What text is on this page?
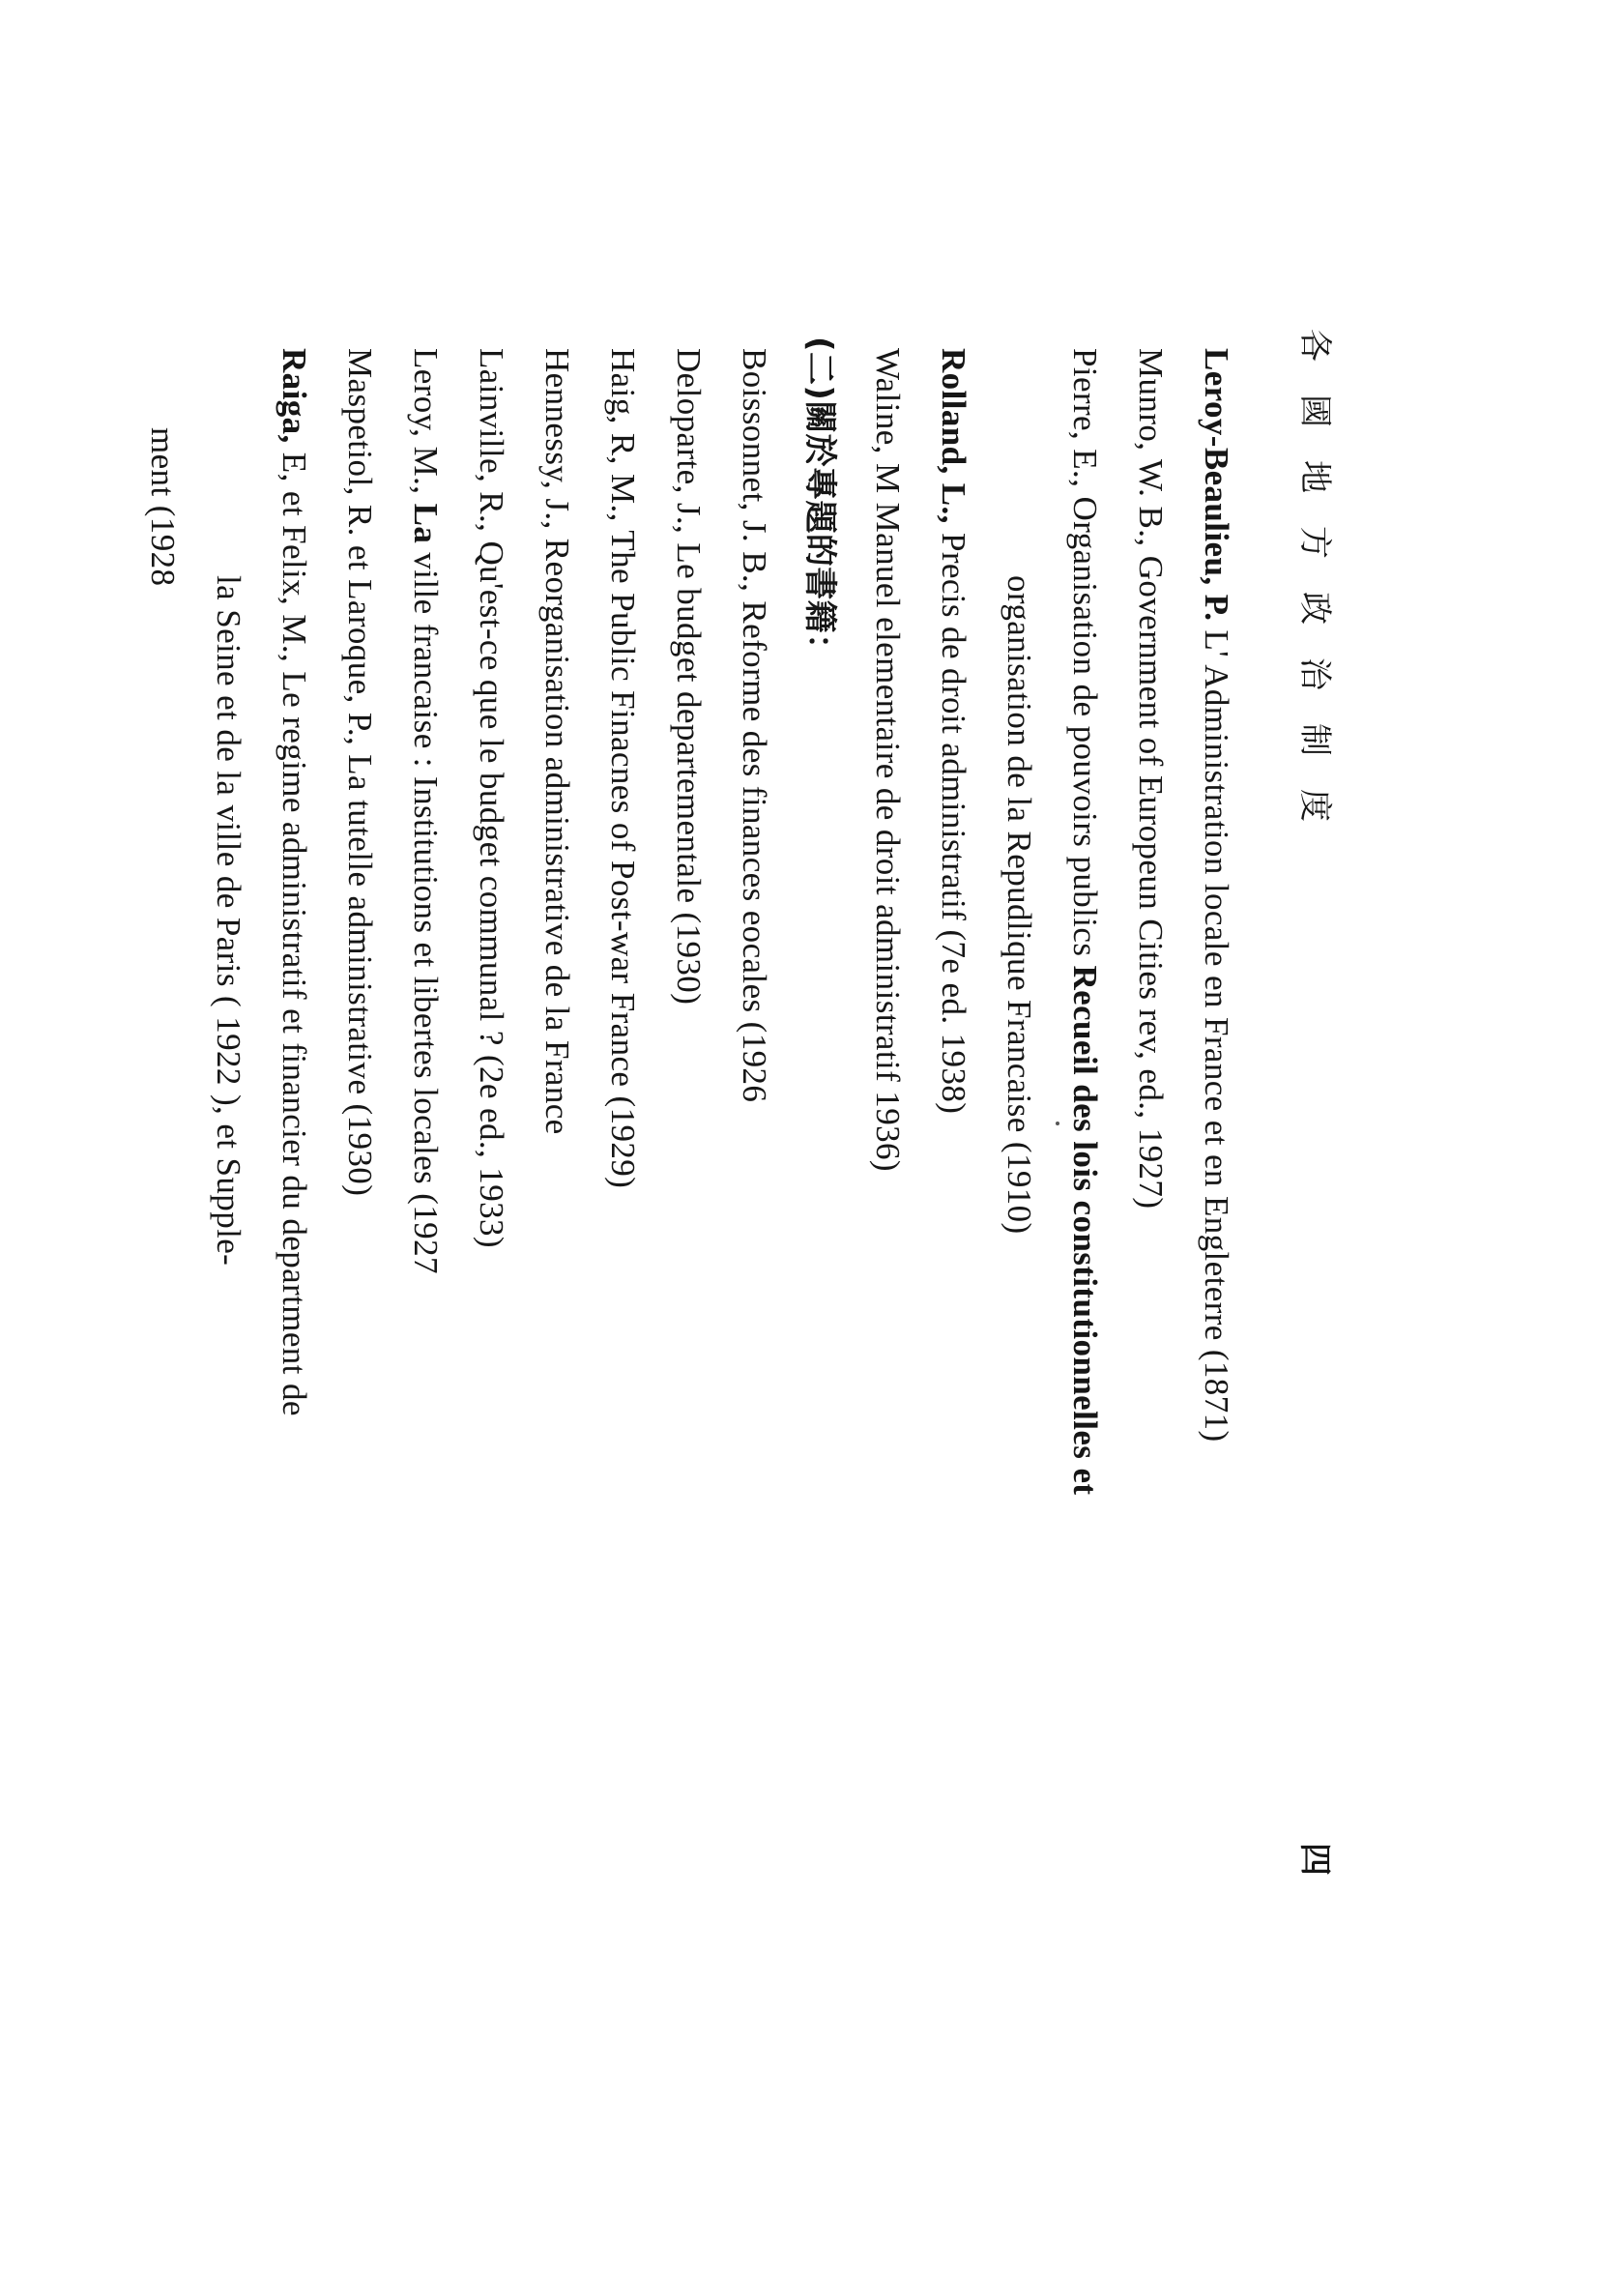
各國地方政治制度
四
Leroy-Beaulieu, P. L' Administration locale en France et en Engleterre (1871)
Munro, W. B., Government of Europeun Cities rev, ed., 1927)
Pierre, E., Organisation de pouvoirs publics Recueil des lois constitutionnelles et
organisation de la Repudlique Francaise (1910)
Rolland, L., Precis de droit administratif (7e ed. 1938)
Waline, M Manuel elementaire de droit administratif 1936)
(二)關於專題的書籍：
Boissonnet, J. B., Reforme des finances eocales (1926
Deloparte, J., Le budget departementale (1930)
Haig, R, M., The Public Finacnes of Post-war France (1929)
Hennessy, J., Reorganisation administrative de la France
Lainville, R., Qu'est-ce que le budget communal ? (2e ed., 1933)
Leroy, M., La ville francaise : Institutions et libertes locales (1927
Maspetiol, R. et Laroque, P., La tutelle administrative (1930)
Raiga, E, et Felix, M., Le regime administratif et financier du department de
la Seine et de la ville de Paris ( 1922 ), et Supple-
ment (1928
